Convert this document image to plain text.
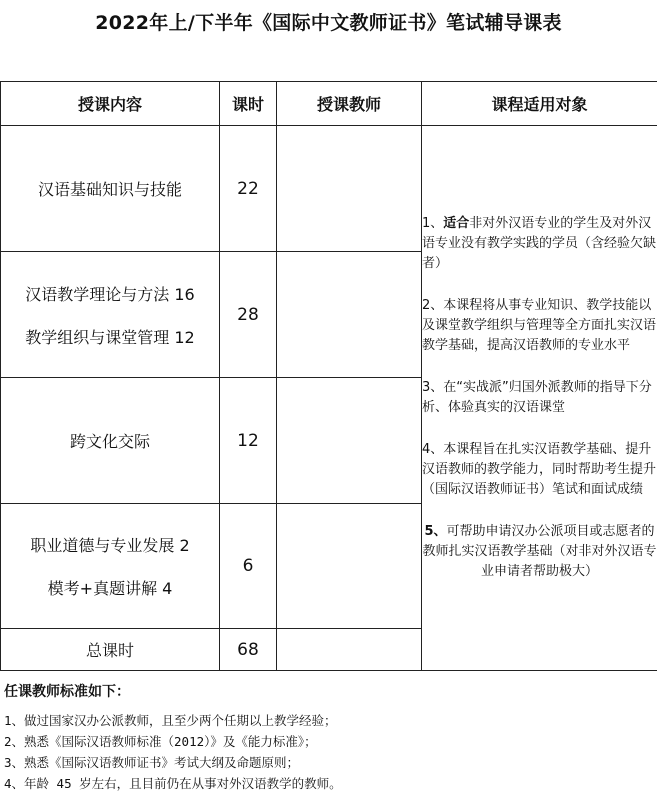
2022年上/下半年《国际中文教师证书》笔试辅导课表
授课内容	课时	授课教师	课程适用对象
汉语基础知识与技能	22		1、适合非对外汉语专业的学生及对外汉语专业没有教学实践的学员（含经验欠缺者）

2、本课程将从事专业知识、教学技能以及课堂教学组织与管理等全方面扎实汉语教学基础，提高汉语教师的专业水平

3、在“实战派”归国外派教师的指导下分析、体验真实的汉语课堂

4、本课程旨在扎实汉语教学基础、提升汉语教师的教学能力，同时帮助考生提升（国际汉语教师证书）笔试和面试成绩

5、可帮助申请汉办公派项目或志愿者的教师扎实汉语教学基础（对非对外汉语专业申请者帮助极大）

汉语教学理论与方法 16
教学组织与课堂管理 12	28		
跨文化交际	12		
职业道德与专业发展 2
模考+真题讲解 4	6		
总课时	68		
任课教师标准如下：
1、做过国家汉办公派教师，且至少两个任期以上教学经验；
2、熟悉《国际汉语教师标准（2012）》及《能力标准》；
3、熟悉《国际汉语教师证书》考试大纲及命题原则；
4、年龄 45 岁左右，且目前仍在从事对外汉语教学的教师。
